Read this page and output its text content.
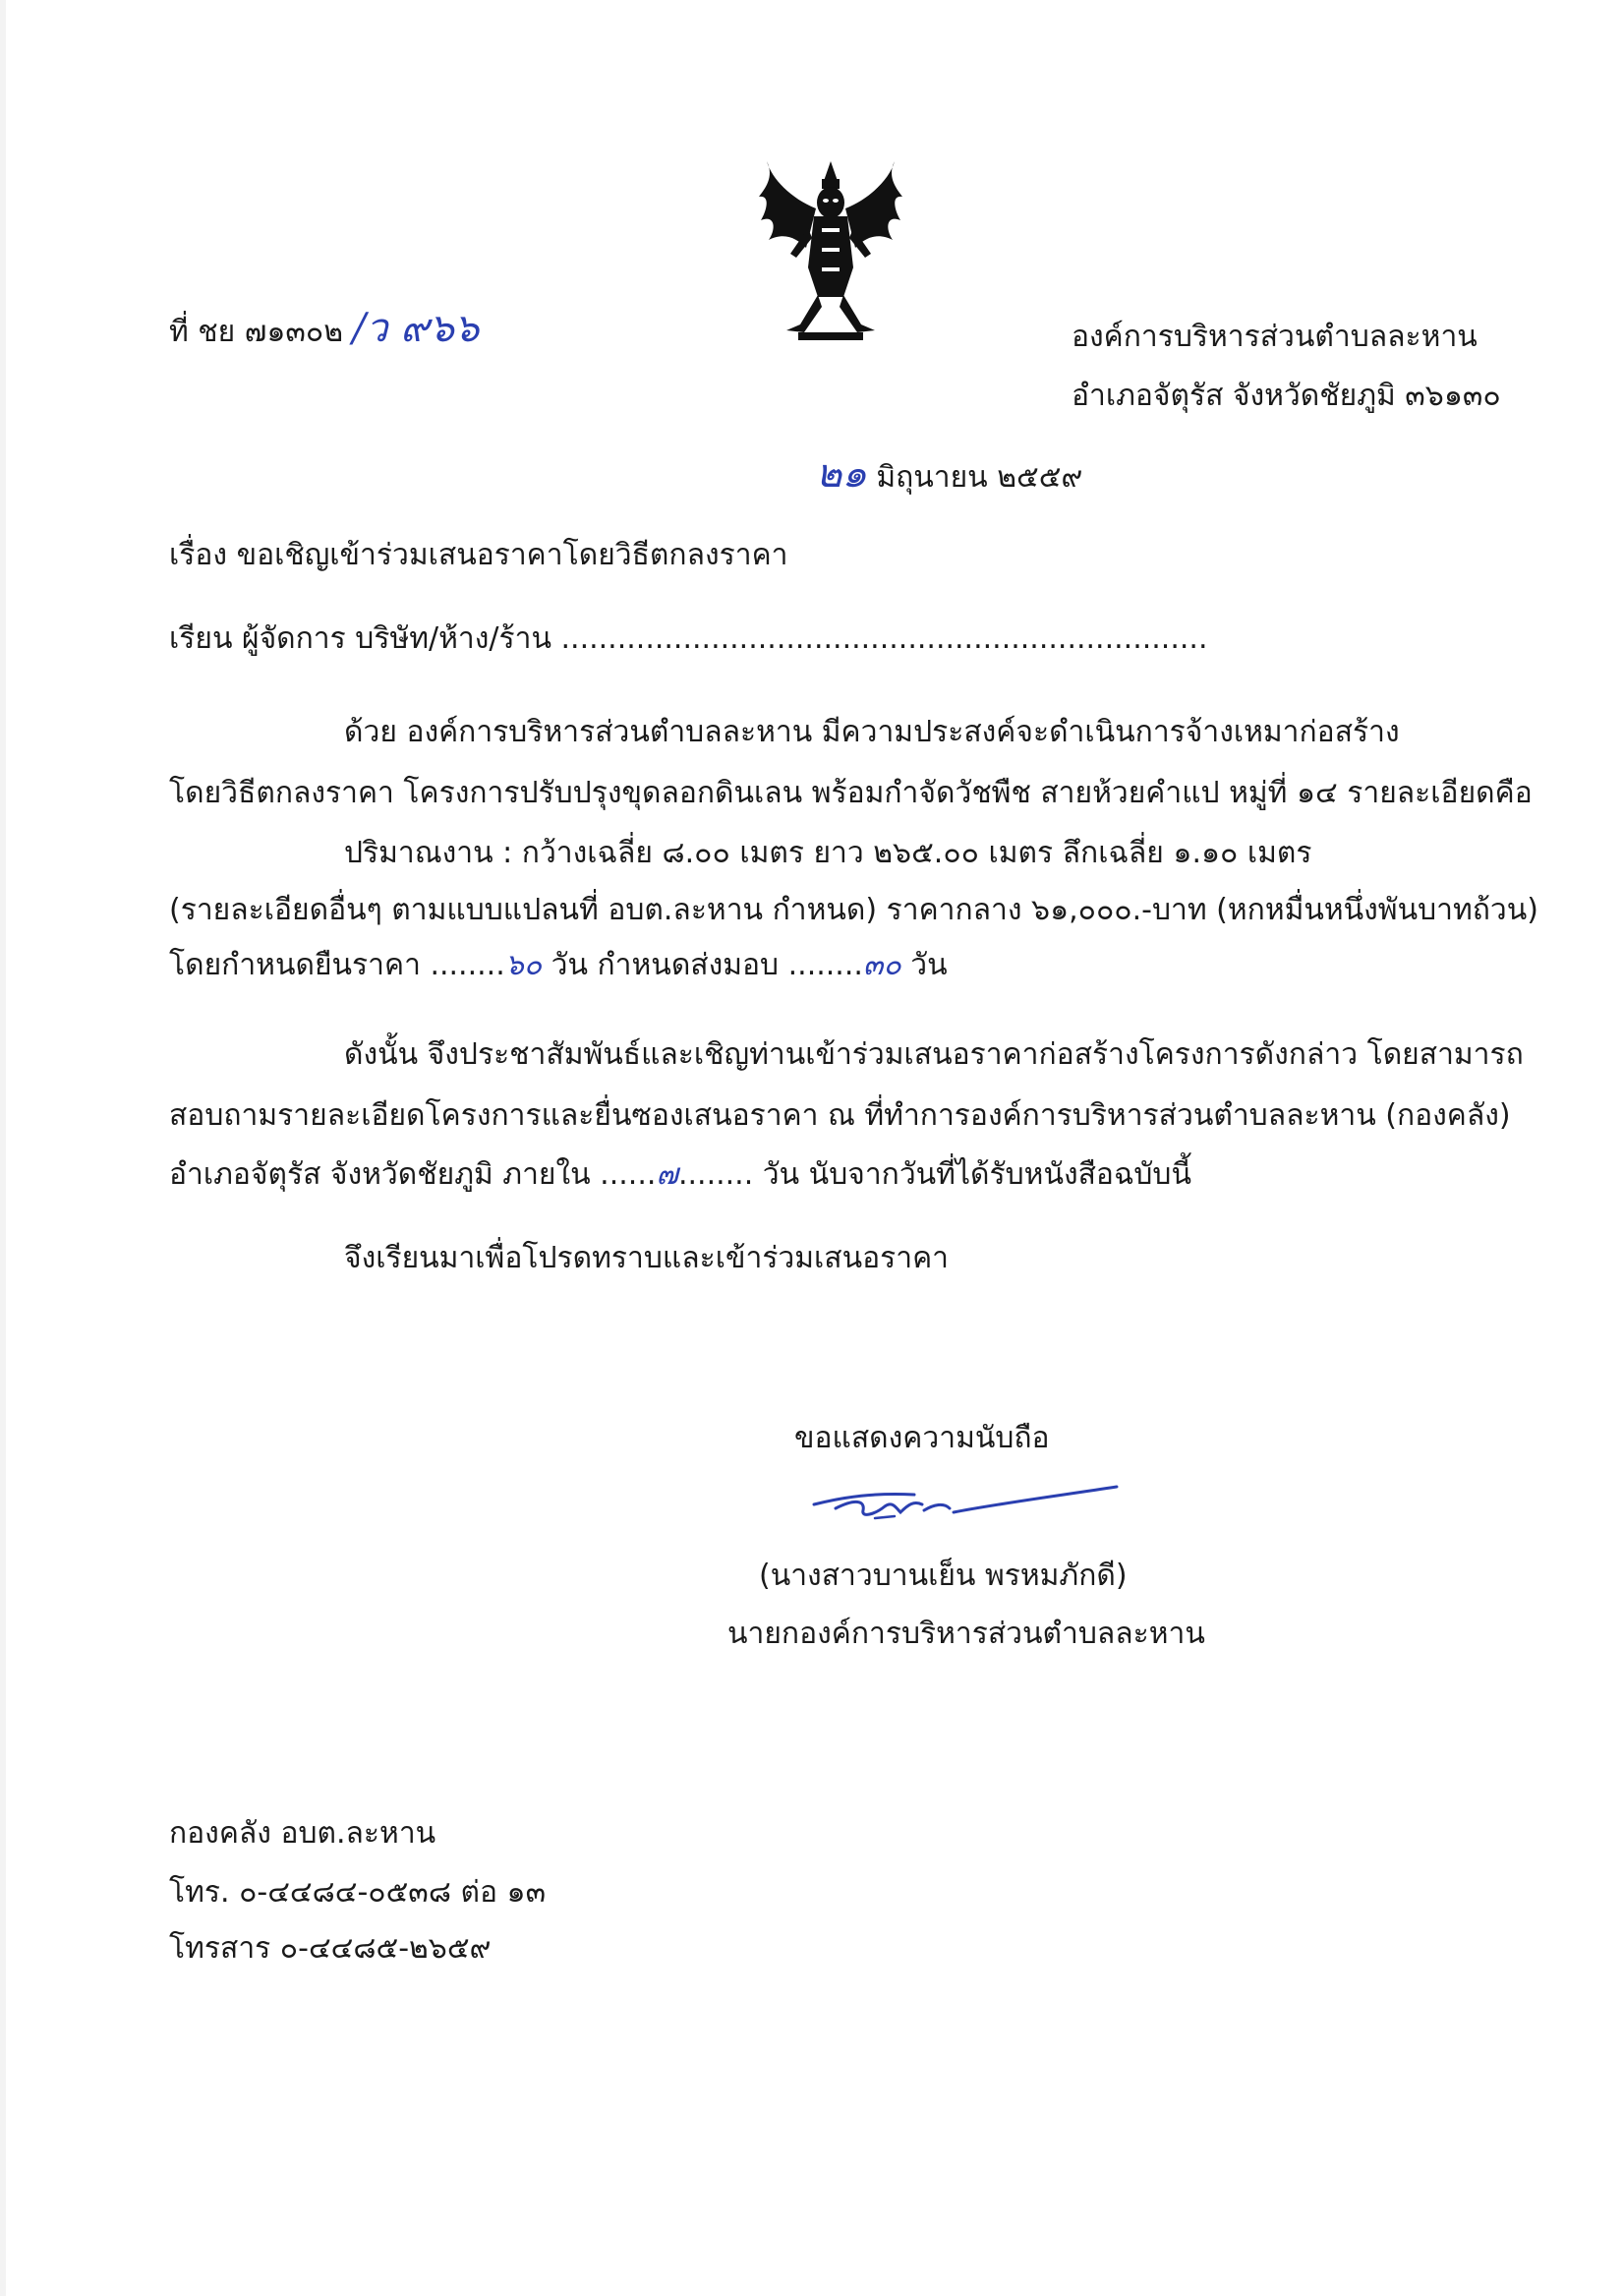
ที่ ชย ๗๑๓๐๒ /ว ๙๖๖	องค์การบริหารส่วนตำบลละหาน
อำเภอจัตุรัส จังหวัดชัยภูมิ ๓๖๑๓๐
๒๑ มิถุนายน ๒๕๕๙
เรื่อง ขอเชิญเข้าร่วมเสนอราคาโดยวิธีตกลงราคา
เรียน ผู้จัดการ บริษัท/ห้าง/ร้าน .....................................................................
ด้วย องค์การบริหารส่วนตำบลละหาน มีความประสงค์จะดำเนินการจ้างเหมาก่อสร้าง
โดยวิธีตกลงราคา โครงการปรับปรุงขุดลอกดินเลน พร้อมกำจัดวัชพืช สายห้วยคำแป หมู่ที่ ๑๔ รายละเอียดคือ
ปริมาณงาน : กว้างเฉลี่ย ๘.๐๐ เมตร ยาว ๒๖๕.๐๐ เมตร ลึกเฉลี่ย ๑.๑๐ เมตร
(รายละเอียดอื่นๆ ตามแบบแปลนที่ อบต.ละหาน กำหนด) ราคากลาง ๖๑,๐๐๐.-บาท (หกหมื่นหนึ่งพันบาทถ้วน)
โดยกำหนดยืนราคา ........๖๐ วัน กำหนดส่งมอบ ........๓๐ วัน
ดังนั้น จึงประชาสัมพันธ์และเชิญท่านเข้าร่วมเสนอราคาก่อสร้างโครงการดังกล่าว โดยสามารถ
สอบถามรายละเอียดโครงการและยื่นซองเสนอราคา ณ ที่ทำการองค์การบริหารส่วนตำบลละหาน (กองคลัง)
อำเภอจัตุรัส จังหวัดชัยภูมิ ภายใน ......๗........ วัน นับจากวันที่ได้รับหนังสือฉบับนี้
จึงเรียนมาเพื่อโปรดทราบและเข้าร่วมเสนอราคา
ขอแสดงความนับถือ
(นางสาวบานเย็น พรหมภักดี)
นายกองค์การบริหารส่วนตำบลละหาน
กองคลัง อบต.ละหาน
โทร. ๐-๔๔๘๔-๐๕๓๘ ต่อ ๑๓
โทรสาร ๐-๔๔๘๕-๒๖๕๙
